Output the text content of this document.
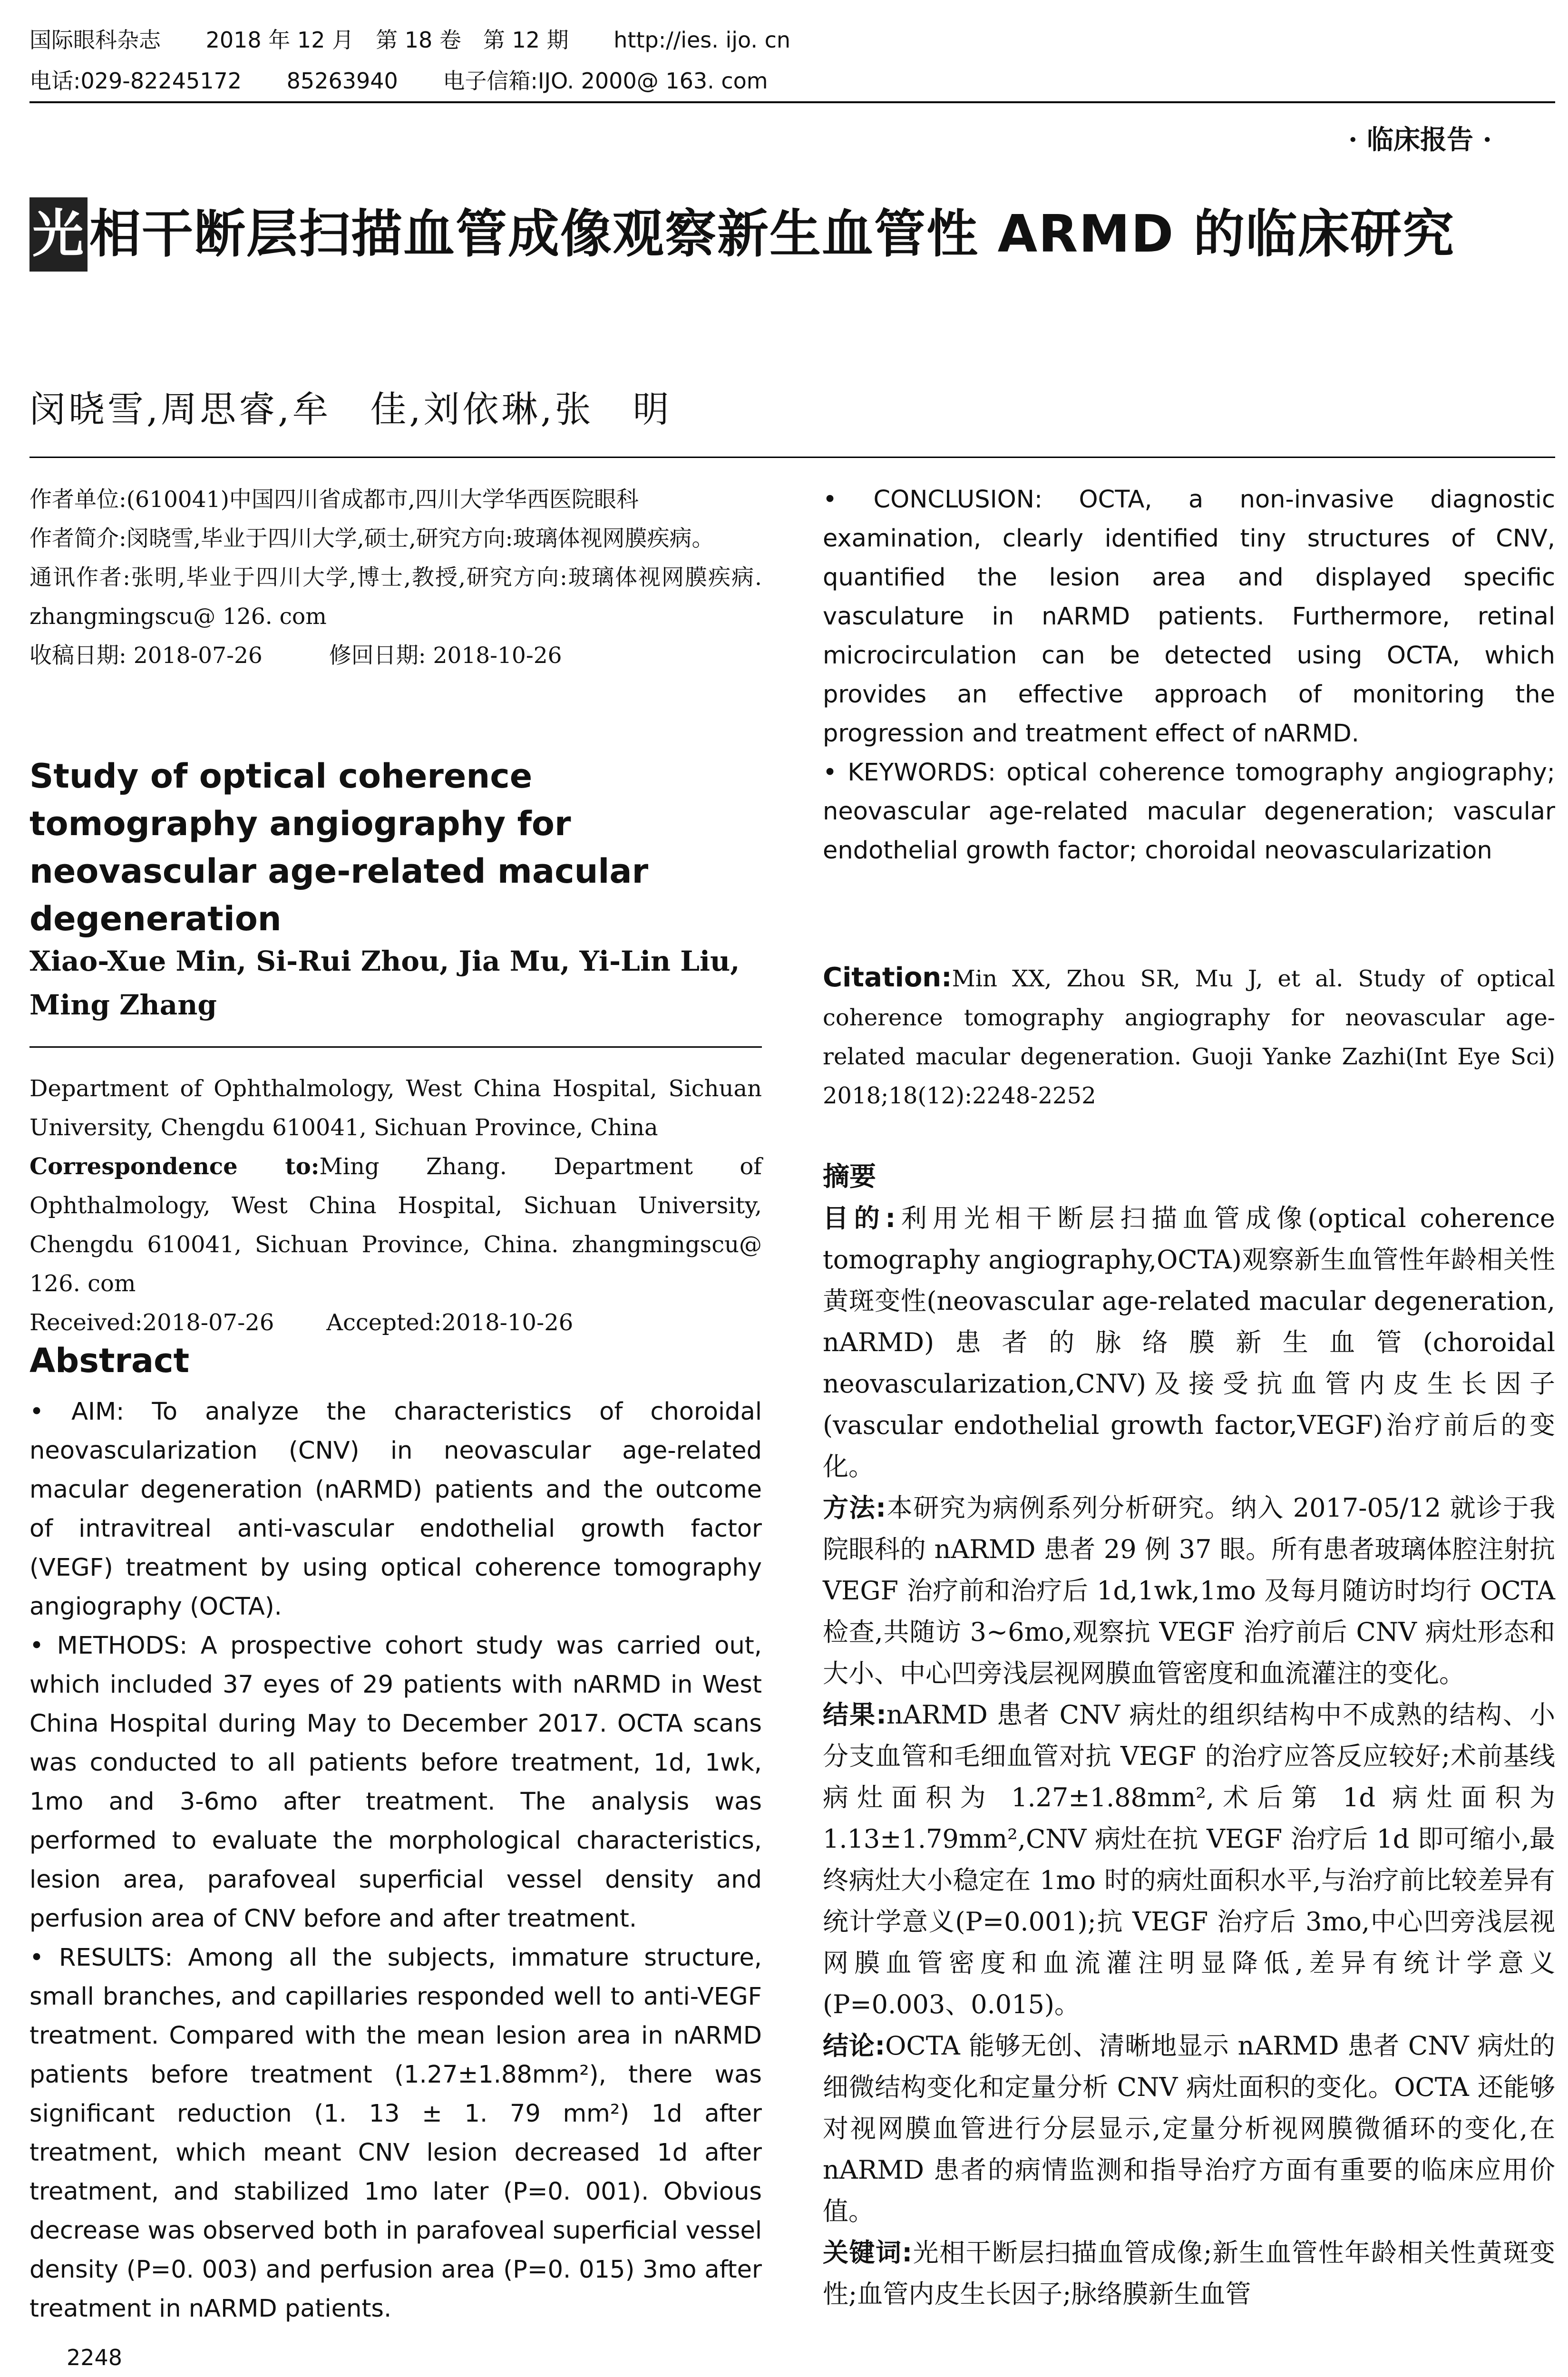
国际眼科杂志 2018 年 12 月　第 18 卷　第 12 期 http://ies. ijo. cn
电话:029-82245172 85263940 电子信箱:IJO. 2000@ 163. com
· 临床报告 ·
光相干断层扫描血管成像观察新生血管性 ARMD 的临床研究
闵晓雪,周思睿,牟　佳,刘依琳,张　明
作者单位:(610041)中国四川省成都市,四川大学华西医院眼科
作者简介:闵晓雪,毕业于四川大学,硕士,研究方向:玻璃体视网膜疾病。
通讯作者:张明,毕业于四川大学,博士,教授,研究方向:玻璃体视网膜疾病. zhangmingscu@ 126. com
收稿日期: 2018-07-26	修回日期: 2018-10-26
Study of optical coherence tomography angiography for neovascular age-related macular degeneration
Xiao-Xue Min, Si-Rui Zhou, Jia Mu, Yi-Lin Liu, Ming Zhang
Department of Ophthalmology, West China Hospital, Sichuan University, Chengdu 610041, Sichuan Province, China
Correspondence to:Ming Zhang. Department of Ophthalmology, West China Hospital, Sichuan University, Chengdu 610041, Sichuan Province, China. zhangmingscu@ 126. com
Received:2018-07-26 Accepted:2018-10-26
Abstract

• AIM: To analyze the characteristics of choroidal neovascularization (CNV) in neovascular age-related macular degeneration (nARMD) patients and the outcome of intravitreal anti-vascular endothelial growth factor (VEGF) treatment by using optical coherence tomography angiography (OCTA).

• METHODS: A prospective cohort study was carried out, which included 37 eyes of 29 patients with nARMD in West China Hospital during May to December 2017. OCTA scans was conducted to all patients before treatment, 1d, 1wk, 1mo and 3-6mo after treatment. The analysis was performed to evaluate the morphological characteristics, lesion area, parafoveal superficial vessel density and perfusion area of CNV before and after treatment.

• RESULTS: Among all the subjects, immature structure, small branches, and capillaries responded well to anti-VEGF treatment. Compared with the mean lesion area in nARMD patients before treatment (1.27±1.88mm²), there was significant reduction (1. 13 ± 1. 79 mm²) 1d after treatment, which meant CNV lesion decreased 1d after treatment, and stabilized 1mo later (P=0. 001). Obvious decrease was observed both in parafoveal superficial vessel density (P=0. 003) and perfusion area (P=0. 015) 3mo after treatment in nARMD patients.

• CONCLUSION: OCTA, a non-invasive diagnostic examination, clearly identified tiny structures of CNV, quantified the lesion area and displayed specific vasculature in nARMD patients. Furthermore, retinal microcirculation can be detected using OCTA, which provides an effective approach of monitoring the progression and treatment effect of nARMD.

• KEYWORDS: optical coherence tomography angiography; neovascular age-related macular degeneration; vascular endothelial growth factor; choroidal neovascularization

Citation:Min XX, Zhou SR, Mu J, et al. Study of optical coherence tomography angiography for neovascular age-related macular degeneration. Guoji Yanke Zazhi(Int Eye Sci) 2018;18(12):2248-2252
摘要

目的:利用光相干断层扫描血管成像(optical coherence tomography angiography,OCTA)观察新生血管性年龄相关性黄斑变性(neovascular age-related macular degeneration, nARMD)患者的脉络膜新生血管(choroidal neovascularization,CNV)及接受抗血管内皮生长因子(vascular endothelial growth factor,VEGF)治疗前后的变化。

方法:本研究为病例系列分析研究。纳入 2017-05/12 就诊于我院眼科的 nARMD 患者 29 例 37 眼。所有患者玻璃体腔注射抗 VEGF 治疗前和治疗后 1d,1wk,1mo 及每月随访时均行 OCTA 检查,共随访 3~6mo,观察抗 VEGF 治疗前后 CNV 病灶形态和大小、中心凹旁浅层视网膜血管密度和血流灌注的变化。

结果:nARMD 患者 CNV 病灶的组织结构中不成熟的结构、小分支血管和毛细血管对抗 VEGF 的治疗应答反应较好;术前基线病灶面积为 1.27±1.88mm²,术后第 1d 病灶面积为 1.13±1.79mm²,CNV 病灶在抗 VEGF 治疗后 1d 即可缩小,最终病灶大小稳定在 1mo 时的病灶面积水平,与治疗前比较差异有统计学意义(P=0.001);抗 VEGF 治疗后 3mo,中心凹旁浅层视网膜血管密度和血流灌注明显降低,差异有统计学意义(P=0.003、0.015)。

结论:OCTA 能够无创、清晰地显示 nARMD 患者 CNV 病灶的细微结构变化和定量分析 CNV 病灶面积的变化。OCTA 还能够对视网膜血管进行分层显示,定量分析视网膜微循环的变化,在 nARMD 患者的病情监测和指导治疗方面有重要的临床应用价值。

关键词:光相干断层扫描血管成像;新生血管性年龄相关性黄斑变性;血管内皮生长因子;脉络膜新生血管

2248
